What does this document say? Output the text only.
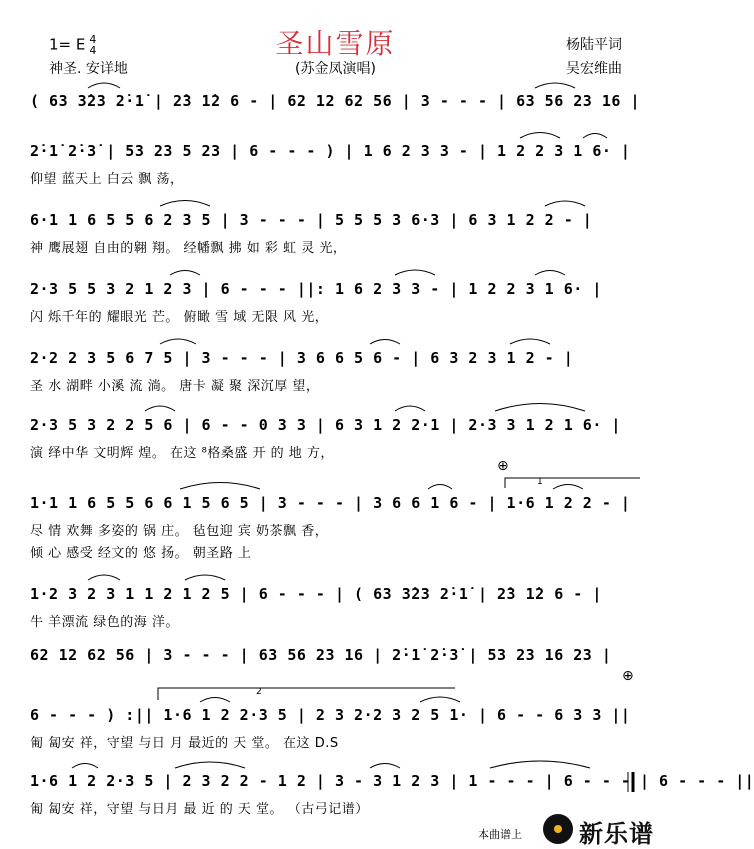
圣山雪原
(苏金凤演唱)
1= E 4
4
神圣. 安详地
杨陆平词
吴宏维曲
( 63 3̇23 2̇·1̇ | 2̇3 1̇2 6 - | 62 12 62 56 | 3 - - - | 63 56 23 16 |
2̇·1̇ 2̇·3̇ | 53 23 5 23 | 6 - - - ) | 1 6 2 3 3 - | 1 2 2 3 1 6· |
仰望 蓝天上 白云 飘 荡，
6·1 1 6 5 5 6 2 3 5 | 3 - - - | 5 5 5 3 6·3 | 6 3 1 2 2 - |
神 鹰展翅 自由的翱 翔。 经幡飘 拂 如 彩 虹 灵 光，
2·3 5 5 3 2 1 2 3 | 6 - - - ||: 1 6 2 3 3 - | 1 2 2 3 1 6· |
闪 烁千年的 耀眼光 芒。 俯瞰 雪 域 无限 风 光，
2·2 2 3 5 6 7 5 | 3 - - - | 3 6 6 5 6 - | 6 3 2 3 1 2 - |
圣 水 湖畔 小溪 流 淌。 唐卡 凝 聚 深沉厚 望，
2·3 5 3 2 2 5 6 | 6 - - 0 3 3 | 6 3 1 2 2·1 | 2·3 3 1 2 1 6· |
演 绎中华 文明辉 煌。 在这 ⁸格桑盛 开 的 地 方，
1·1 1 6 5 5 6 6 1 5 6 5 | 3 - - - | 3 6 6 1 6 - | 1·6 1 2 2 - |
尽 情 欢舞 多姿的 锅 庄。 毡包迎 宾 奶茶飘 香，
倾 心 感受 经文的 悠 扬。 朝圣路 上
1·2 3 2 3 1 1 2 1 2 5 | 6 - - - | ( 63 3̇23 2̇·1̇ | 2̇3 1̇2 6 - |
牛 羊漂流 绿色的海 洋。
62 12 62 56 | 3 - - - | 63 56 23 16 | 2̇·1̇ 2̇·3̇ | 53 23 16 23 |
6 - - - ) :|| 1·6 1 2 2·3 5 | 2 3 2·2 3 2 5 1· | 6 - - 6 3 3 ||
匍 匐安 祥，守望 与日 月 最近的 天 堂。 在这 D.S
1·6 1 2 2·3 5 | 2 3 2 2 - 1 2 | 3 - 3 1 2 3 | 1 - - - | 6 - - - | 6 - - - ||
匍 匐安 祥，守望 与日月 最 近 的 天 堂。 （古弓记谱）
⊕
1
⊕
2
本曲谱上 新乐谱
